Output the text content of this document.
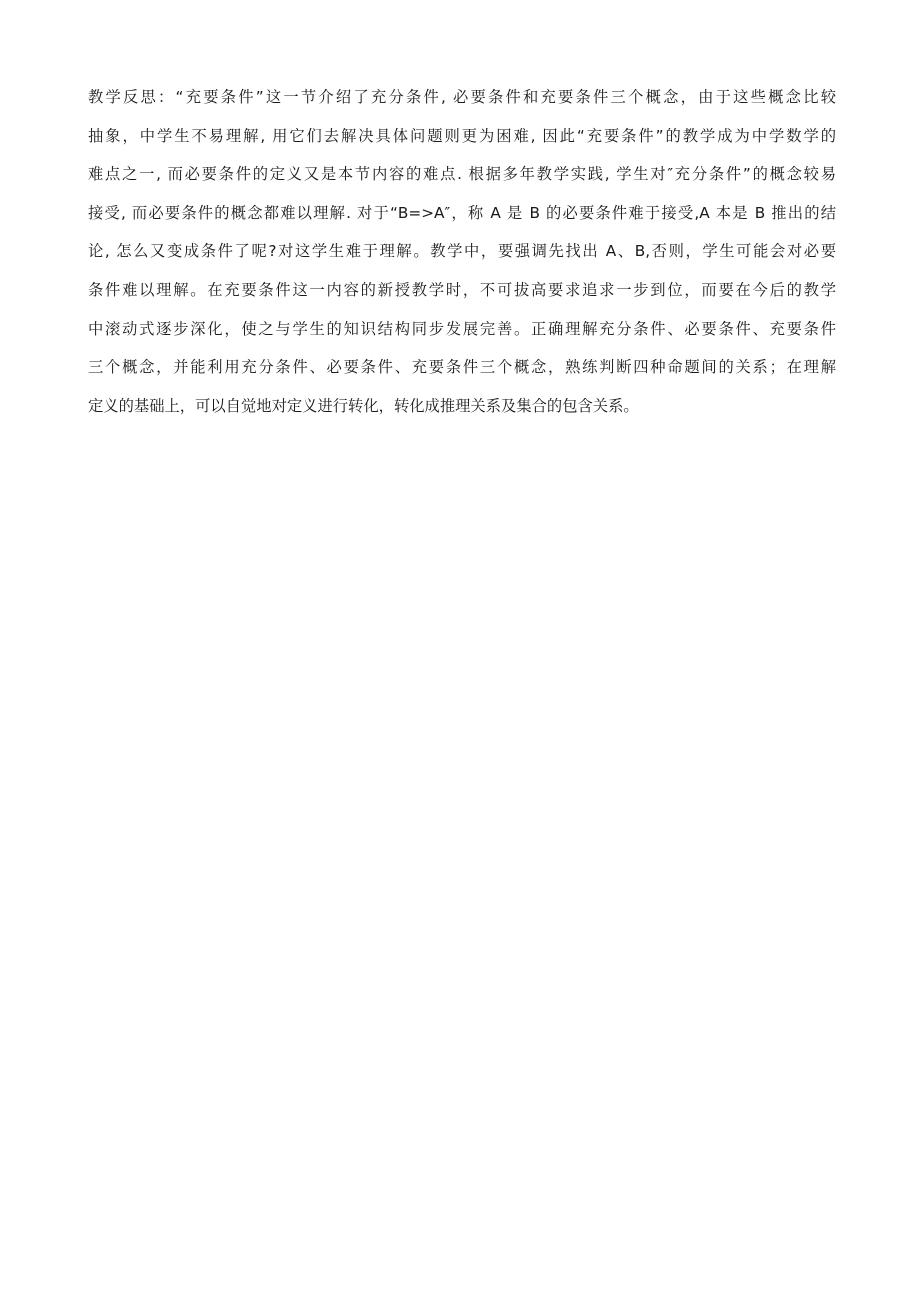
教学反思：“充要条件”这一节介绍了充分条件, 必要条件和充要条件三个概念，由于这些概念比较
抽象，中学生不易理解, 用它们去解决具体问题则更为困难, 因此“充要条件”的教学成为中学数学的
难点之一, 而必要条件的定义又是本节内容的难点. 根据多年教学实践, 学生对″充分条件”的概念较易
接受, 而必要条件的概念都难以理解. 对于“B=>A″，称 A 是 B 的必要条件难于接受,A 本是 B 推出的结
论, 怎么又变成条件了呢?对这学生难于理解。教学中，要强调先找出 A、B,否则，学生可能会对必要
条件难以理解。在充要条件这一内容的新授教学时，不可拔高要求追求一步到位，而要在今后的教学
中滚动式逐步深化，使之与学生的知识结构同步发展完善。正确理解充分条件、必要条件、充要条件
三个概念，并能利用充分条件、必要条件、充要条件三个概念，熟练判断四种命题间的关系；在理解
定义的基础上，可以自觉地对定义进行转化，转化成推理关系及集合的包含关系。
